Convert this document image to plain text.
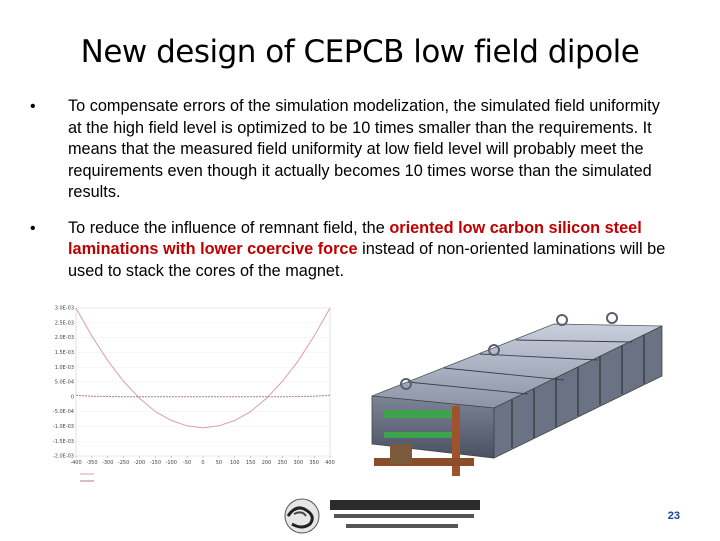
New design of CEPCB low field dipole
•	To compensate errors of the simulation modelization, the simulated field uniformity at the high field level is optimized to be 10 times smaller than the requirements. It means that the measured field uniformity at low field level will probably meet the requirements even though it actually becomes 10 times worse than the simulated results.
•	To reduce the influence of remnant field, the oriented low carbon silicon steel laminations with lower coercive force instead of non-oriented laminations will be used to stack the cores of the magnet.
3.0E-03
2.5E-03
2.0E-03
1.5E-03
1.0E-03
5.0E-04
0
-5.0E-04
-1.0E-03
-1.5E-03
-2.0E-03
-400 -350 -300 -250 -200 -150 -100 -50 0 50 100 150 200 250 300 350 400
23
